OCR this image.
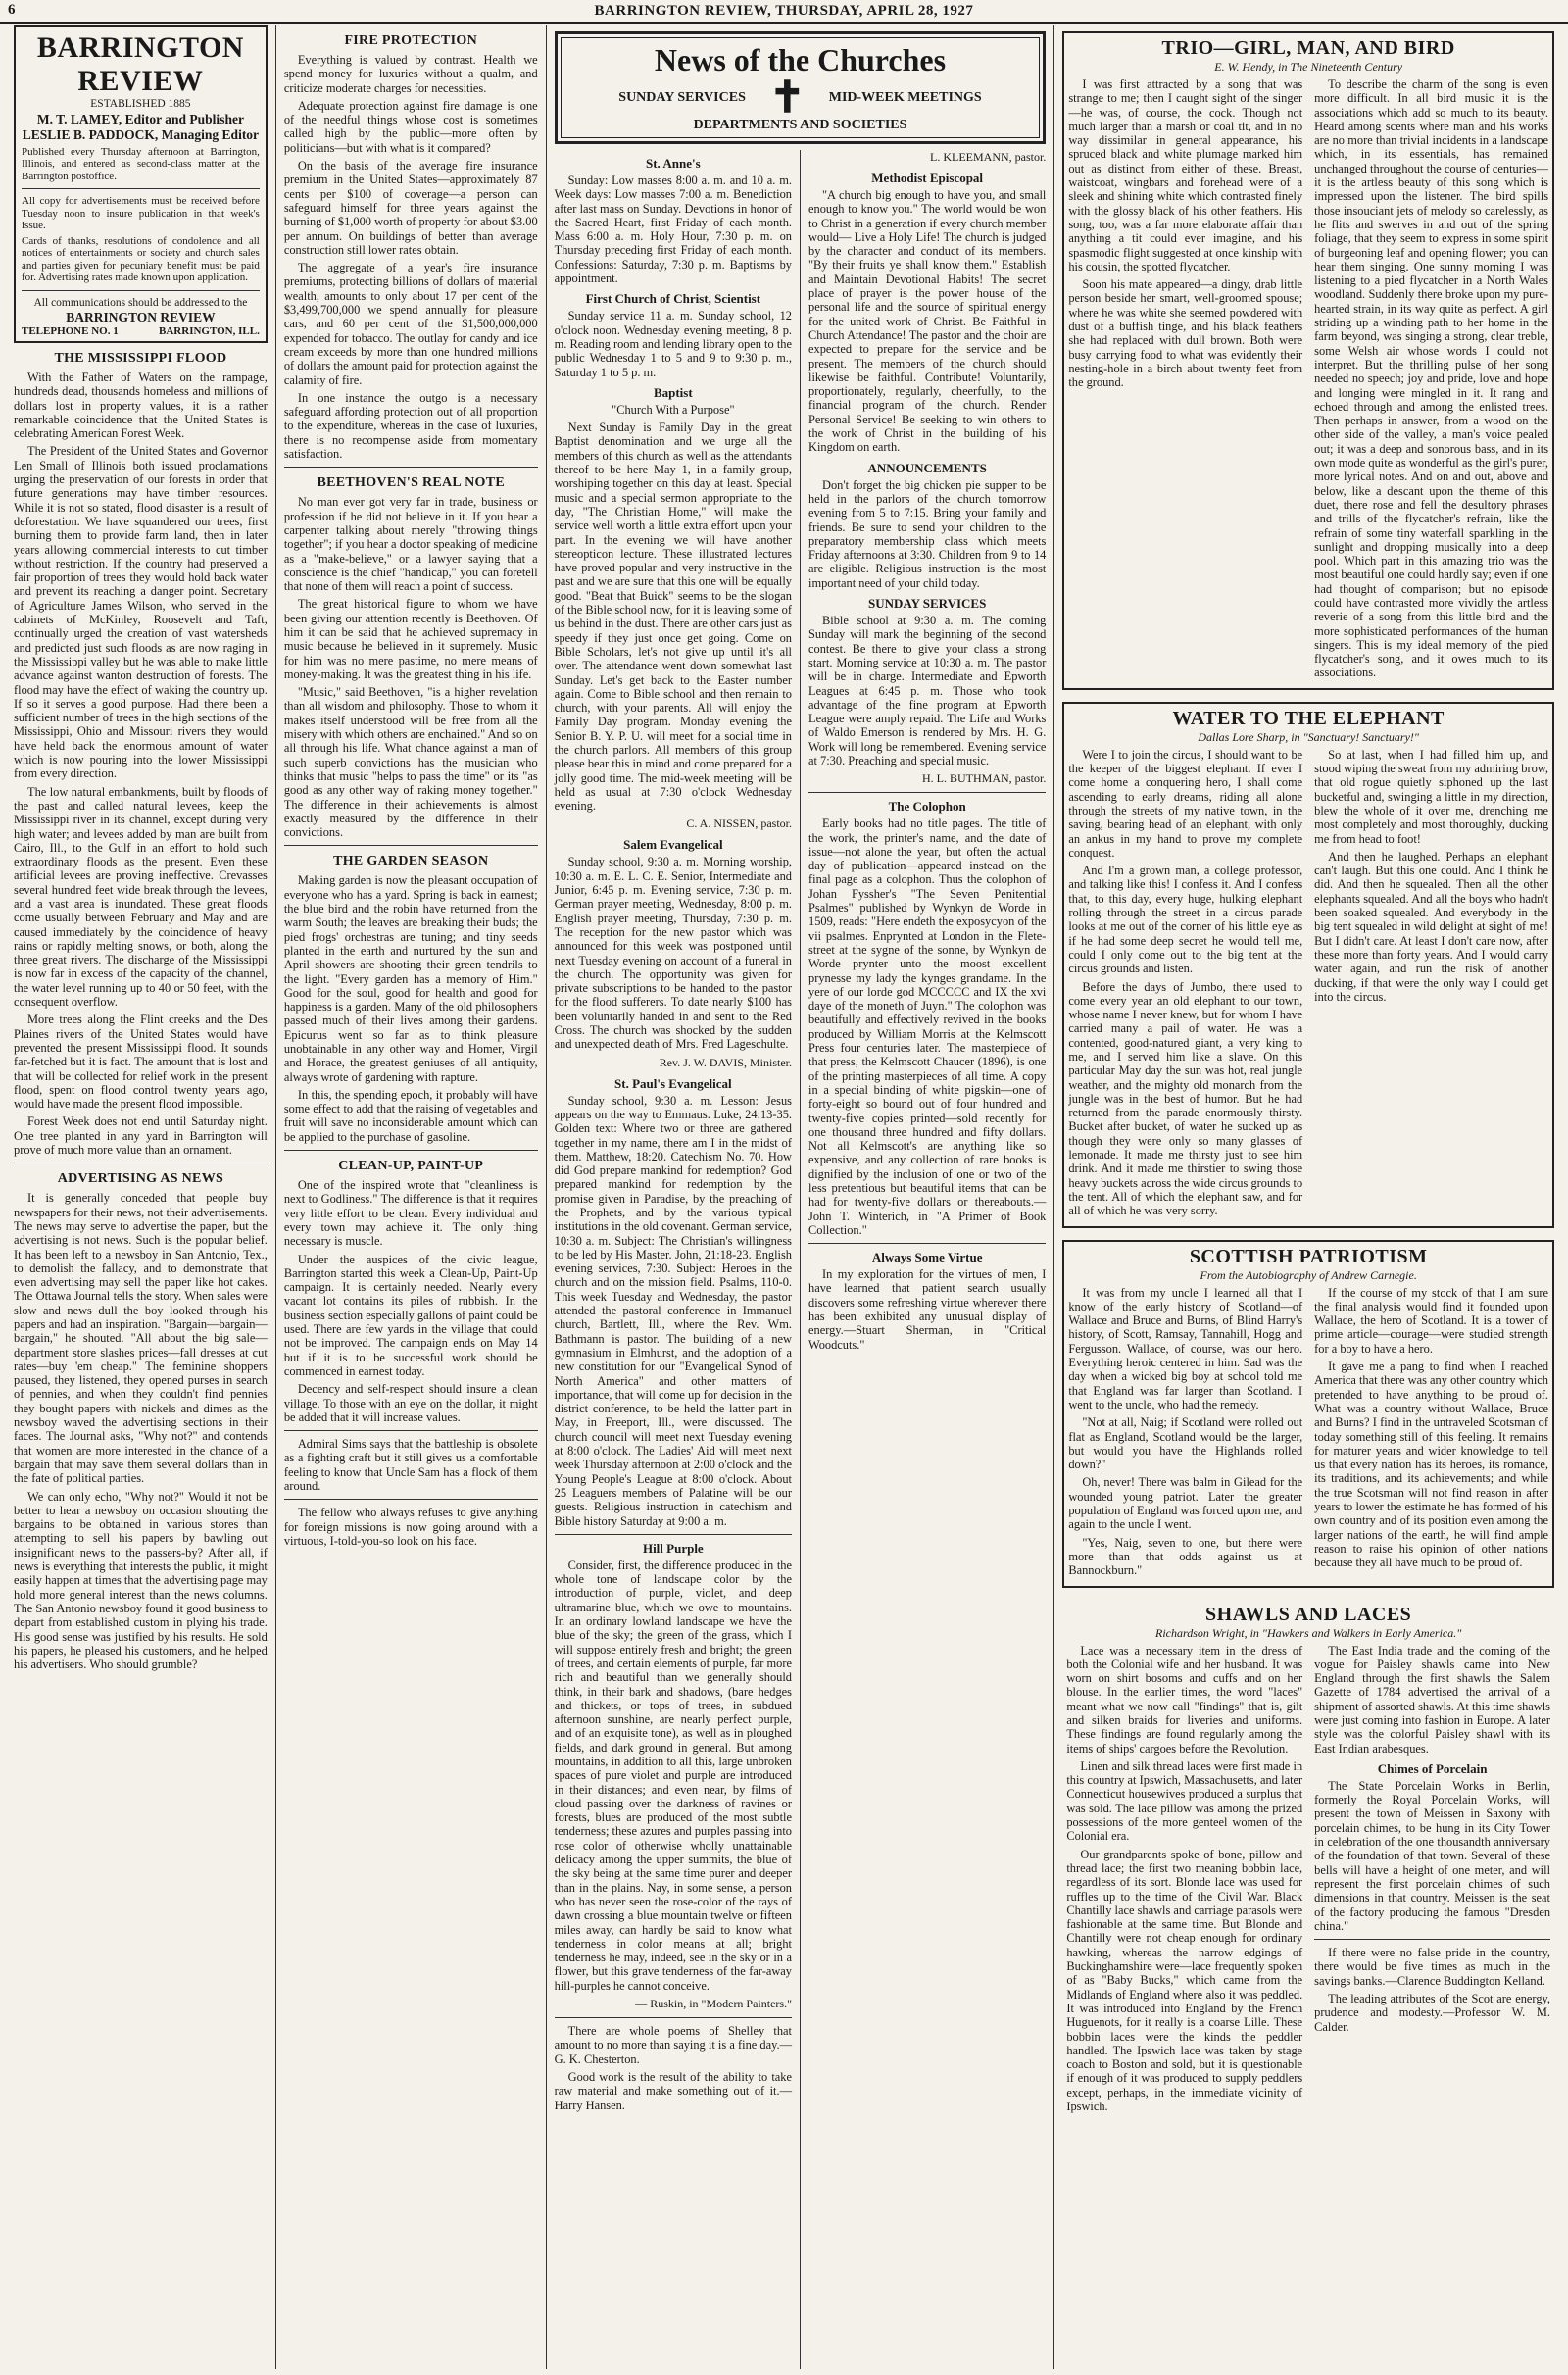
6	BARRINGTON REVIEW, THURSDAY, APRIL 28, 1927
BARRINGTON REVIEW
ESTABLISHED 1885
M. T. LAMEY, Editor and Publisher
LESLIE B. PADDOCK, Managing Editor
Published every Thursday afternoon at Barrington, Illinois, and entered as second-class matter at the Barrington postoffice.
All copy for advertisements must be received before Tuesday noon to insure publication in that week's issue.
Cards of thanks, resolutions of condolence and all notices of entertainments or society and church sales and parties given for pecuniary benefit must be paid for. Advertising rates made known upon application.
All communications should be addressed to the
BARRINGTON REVIEW
TELEPHONE NO. 1	BARRINGTON, ILL.
THE MISSISSIPPI FLOOD

With the Father of Waters on the rampage, hundreds dead, thousands homeless and millions of dollars lost in property values, it is a rather remarkable coincidence that the United States is celebrating American Forest Week.

The President of the United States and Governor Len Small of Illinois both issued proclamations urging the preservation of our forests in order that future generations may have timber resources. While it is not so stated, flood disaster is a result of deforestation. We have squandered our trees, first burning them to provide farm land, then in later years allowing commercial interests to cut timber without restriction. If the country had preserved a fair proportion of trees they would hold back water and prevent its reaching a danger point. Secretary of Agriculture James Wilson, who served in the cabinets of McKinley, Roosevelt and Taft, continually urged the creation of vast watersheds and predicted just such floods as are now raging in the Mississippi valley but he was able to make little advance against wanton destruction of forests. The flood may have the effect of waking the country up. If so it serves a good purpose. Had there been a sufficient number of trees in the high sections of the Mississippi, Ohio and Missouri rivers they would have held back the enormous amount of water which is now pouring into the lower Mississippi from every direction.

The low natural embankments, built by floods of the past and called natural levees, keep the Mississippi river in its channel, except during very high water; and levees added by man are built from Cairo, Ill., to the Gulf in an effort to hold such extraordinary floods as the present. Even these artificial levees are proving ineffective. Crevasses several hundred feet wide break through the levees, and a vast area is inundated. These great floods come usually between February and May and are caused immediately by the coincidence of heavy rains or rapidly melting snows, or both, along the three great rivers. The discharge of the Mississippi is now far in excess of the capacity of the channel, the water level running up to 40 or 50 feet, with the consequent overflow.

More trees along the Flint creeks and the Des Plaines rivers of the United States would have prevented the present Mississippi flood. It sounds far-fetched but it is fact. The amount that is lost and that will be collected for relief work in the present flood, spent on flood control twenty years ago, would have made the present flood impossible.

Forest Week does not end until Saturday night. One tree planted in any yard in Barrington will prove of much more value than an ornament.

ADVERTISING AS NEWS

It is generally conceded that people buy newspapers for their news, not their advertisements. The news may serve to advertise the paper, but the advertising is not news. Such is the popular belief. It has been left to a newsboy in San Antonio, Tex., to demolish the fallacy, and to demonstrate that even advertising may sell the paper like hot cakes. The Ottawa Journal tells the story. When sales were slow and news dull the boy looked through his papers and had an inspiration. "Bargain—bargain—bargain," he shouted. "All about the big sale—department store slashes prices—fall dresses at cut rates—buy 'em cheap." The feminine shoppers paused, they listened, they opened purses in search of pennies, and when they couldn't find pennies they bought papers with nickels and dimes as the newsboy waved the advertising sections in their faces. The Journal asks, "Why not?" and contends that women are more interested in the chance of a bargain that may save them several dollars than in the fate of political parties.

We can only echo, "Why not?" Would it not be better to hear a newsboy on occasion shouting the bargains to be obtained in various stores than attempting to sell his papers by bawling out insignificant news to the passers-by? After all, if news is everything that interests the public, it might easily happen at times that the advertising page may hold more general interest than the news columns. The San Antonio newsboy found it good business to depart from established custom in plying his trade. His good sense was justified by his results. He sold his papers, he pleased his customers, and he helped his advertisers. Who should grumble?

FIRE PROTECTION

Everything is valued by contrast. Health we spend money for luxuries without a qualm, and criticize moderate charges for necessities.

Adequate protection against fire damage is one of the needful things whose cost is sometimes called high by the public—more often by politicians—but with what is it compared?

On the basis of the average fire insurance premium in the United States—approximately 87 cents per $100 of coverage—a person can safeguard himself for three years against the burning of $1,000 worth of property for about $3.00 per annum. On buildings of better than average construction still lower rates obtain.

The aggregate of a year's fire insurance premiums, protecting billions of dollars of material wealth, amounts to only about 17 per cent of the $3,499,700,000 we spend annually for pleasure cars, and 60 per cent of the $1,500,000,000 expended for tobacco. The outlay for candy and ice cream exceeds by more than one hundred millions of dollars the amount paid for protection against the calamity of fire.

In one instance the outgo is a necessary safeguard affording protection out of all proportion to the expenditure, whereas in the case of luxuries, there is no recompense aside from momentary satisfaction.

BEETHOVEN'S REAL NOTE

No man ever got very far in trade, business or profession if he did not believe in it. If you hear a carpenter talking about merely "throwing things together"; if you hear a doctor speaking of medicine as a "make-believe," or a lawyer saying that a conscience is the chief "handicap," you can foretell that none of them will reach a point of success.

The great historical figure to whom we have been giving our attention recently is Beethoven. Of him it can be said that he achieved supremacy in music because he believed in it supremely. Music for him was no mere pastime, no mere means of money-making. It was the greatest thing in his life.

"Music," said Beethoven, "is a higher revelation than all wisdom and philosophy. Those to whom it makes itself understood will be free from all the misery with which others are enchained." And so on all through his life. What chance against a man of such superb convictions has the musician who thinks that music "helps to pass the time" or its "as good as any other way of raking money together." The difference in their achievements is almost exactly measured by the difference in their convictions.

THE GARDEN SEASON

Making garden is now the pleasant occupation of everyone who has a yard. Spring is back in earnest; the blue bird and the robin have returned from the warm South; the leaves are breaking their buds; the pied frogs' orchestras are tuning; and tiny seeds planted in the earth and nurtured by the sun and April showers are shooting their green tendrils to the light. "Every garden has a memory of Him." Good for the soul, good for health and good for happiness is a garden. Many of the old philosophers passed much of their lives among their gardens. Epicurus went so far as to think pleasure unobtainable in any other way and Homer, Virgil and Horace, the greatest geniuses of all antiquity, always wrote of gardening with rapture.

In this, the spending epoch, it probably will have some effect to add that the raising of vegetables and fruit will save no inconsiderable amount which can be applied to the purchase of gasoline.

CLEAN-UP, PAINT-UP

One of the inspired wrote that "cleanliness is next to Godliness." The difference is that it requires very little effort to be clean. Every individual and every town may achieve it. The only thing necessary is muscle.

Under the auspices of the civic league, Barrington started this week a Clean-Up, Paint-Up campaign. It is certainly needed. Nearly every vacant lot contains its piles of rubbish. In the business section especially gallons of paint could be used. There are few yards in the village that could not be improved. The campaign ends on May 14 but if it is to be successful work should be commenced in earnest today.

Decency and self-respect should insure a clean village. To those with an eye on the dollar, it might be added that it will increase values.

Admiral Sims says that the battleship is obsolete as a fighting craft but it still gives us a comfortable feeling to know that Uncle Sam has a flock of them around.

The fellow who always refuses to give anything for foreign missions is now going around with a virtuous, I-told-you-so look on his face.

News of the Churches
SUNDAY SERVICES ✝ MID-WEEK MEETINGS
DEPARTMENTS AND SOCIETIES
St. Anne's

Sunday: Low masses 8:00 a. m. and 10 a. m. Week days: Low masses 7:00 a. m. Benediction after last mass on Sunday. Devotions in honor of the Sacred Heart, first Friday of each month. Mass 6:00 a. m. Holy Hour, 7:30 p. m. on Thursday preceding first Friday of each month. Confessions: Saturday, 7:30 p. m. Baptisms by appointment.

First Church of Christ, Scientist

Sunday service 11 a. m. Sunday school, 12 o'clock noon. Wednesday evening meeting, 8 p. m. Reading room and lending library open to the public Wednesday 1 to 5 and 9 to 9:30 p. m., Saturday 1 to 5 p. m.

Baptist

"Church With a Purpose"

Next Sunday is Family Day in the great Baptist denomination and we urge all the members of this church as well as the attendants thereof to be here May 1, in a family group, worshiping together on this day at least. Special music and a special sermon appropriate to the day, "The Christian Home," will make the service well worth a little extra effort upon your part. In the evening we will have another stereopticon lecture. These illustrated lectures have proved popular and very instructive in the past and we are sure that this one will be equally good. "Beat that Buick" seems to be the slogan of the Bible school now, for it is leaving some of us behind in the dust. There are other cars just as speedy if they just once get going. Come on Bible Scholars, let's not give up until it's all over. The attendance went down somewhat last Sunday. Let's get back to the Easter number again. Come to Bible school and then remain to church, with your parents. All will enjoy the Family Day program. Monday evening the Senior B. Y. P. U. will meet for a social time in the church parlors. All members of this group please bear this in mind and come prepared for a jolly good time. The mid-week meeting will be held as usual at 7:30 o'clock Wednesday evening.

C. A. NISSEN, pastor.
Salem Evangelical

Sunday school, 9:30 a. m. Morning worship, 10:30 a. m. E. L. C. E. Senior, Intermediate and Junior, 6:45 p. m. Evening service, 7:30 p. m. German prayer meeting, Wednesday, 8:00 p. m. English prayer meeting, Thursday, 7:30 p. m. The reception for the new pastor which was announced for this week was postponed until next Tuesday evening on account of a funeral in the church. The opportunity was given for private subscriptions to be handed to the pastor for the flood sufferers. To date nearly $100 has been voluntarily handed in and sent to the Red Cross. The church was shocked by the sudden and unexpected death of Mrs. Fred Lageschulte.

Rev. J. W. DAVIS, Minister.
St. Paul's Evangelical

Sunday school, 9:30 a. m. Lesson: Jesus appears on the way to Emmaus. Luke, 24:13-35. Golden text: Where two or three are gathered together in my name, there am I in the midst of them. Matthew, 18:20. Catechism No. 70. How did God prepare mankind for redemption? God prepared mankind for redemption by the promise given in Paradise, by the preaching of the Prophets, and by the various typical institutions in the old covenant. German service, 10:30 a. m. Subject: The Christian's willingness to be led by His Master. John, 21:18-23. English evening services, 7:30. Subject: Heroes in the church and on the mission field. Psalms, 110-0. This week Tuesday and Wednesday, the pastor attended the pastoral conference in Immanuel church, Bartlett, Ill., where the Rev. Wm. Bathmann is pastor. The building of a new gymnasium in Elmhurst, and the adoption of a new constitution for our "Evangelical Synod of North America" and other matters of importance, that will come up for decision in the district conference, to be held the latter part in May, in Freeport, Ill., were discussed. The church council will meet next Tuesday evening at 8:00 o'clock. The Ladies' Aid will meet next week Thursday afternoon at 2:00 o'clock and the Young People's League at 8:00 o'clock. About 25 Leaguers members of Palatine will be our guests. Religious instruction in catechism and Bible history Saturday at 9:00 a. m.

Hill Purple

Consider, first, the difference produced in the whole tone of landscape color by the introduction of purple, violet, and deep ultramarine blue, which we owe to mountains. In an ordinary lowland landscape we have the blue of the sky; the green of the grass, which I will suppose entirely fresh and bright; the green of trees, and certain elements of purple, far more rich and beautiful than we generally should think, in their bark and shadows, (bare hedges and thickets, or tops of trees, in subdued afternoon sunshine, are nearly perfect purple, and of an exquisite tone), as well as in ploughed fields, and dark ground in general. But among mountains, in addition to all this, large unbroken spaces of pure violet and purple are introduced in their distances; and even near, by films of cloud passing over the darkness of ravines or forests, blues are produced of the most subtle tenderness; these azures and purples passing into rose color of otherwise wholly unattainable delicacy among the upper summits, the blue of the sky being at the same time purer and deeper than in the plains. Nay, in some sense, a person who has never seen the rose-color of the rays of dawn crossing a blue mountain twelve or fifteen miles away, can hardly be said to know what tenderness in color means at all; bright tenderness he may, indeed, see in the sky or in a flower, but this grave tenderness of the far-away hill-purples he cannot conceive.

— Ruskin, in "Modern Painters."

There are whole poems of Shelley that amount to no more than saying it is a fine day.—G. K. Chesterton.

Good work is the result of the ability to take raw material and make something out of it.—Harry Hansen.

L. KLEEMANN, pastor.
Methodist Episcopal

"A church big enough to have you, and small enough to know you." The world would be won to Christ in a generation if every church member would— Live a Holy Life! The church is judged by the character and conduct of its members. "By their fruits ye shall know them." Establish and Maintain Devotional Habits! The secret place of prayer is the power house of the personal life and the source of spiritual energy for the united work of Christ. Be Faithful in Church Attendance! The pastor and the choir are expected to prepare for the service and be present. The members of the church should likewise be faithful. Contribute! Voluntarily, proportionately, regularly, cheerfully, to the financial program of the church. Render Personal Service! Be seeking to win others to the work of Christ in the building of his Kingdom on earth.

ANNOUNCEMENTS

Don't forget the big chicken pie supper to be held in the parlors of the church tomorrow evening from 5 to 7:15. Bring your family and friends. Be sure to send your children to the preparatory membership class which meets Friday afternoons at 3:30. Children from 9 to 14 are eligible. Religious instruction is the most important need of your child today.

SUNDAY SERVICES

Bible school at 9:30 a. m. The coming Sunday will mark the beginning of the second contest. Be there to give your class a strong start. Morning service at 10:30 a. m. The pastor will be in charge. Intermediate and Epworth Leagues at 6:45 p. m. Those who took advantage of the fine program at Epworth League were amply repaid. The Life and Works of Waldo Emerson is rendered by Mrs. H. G. Work will long be remembered. Evening service at 7:30. Preaching and special music.

H. L. BUTHMAN, pastor.
The Colophon

Early books had no title pages. The title of the work, the printer's name, and the date of issue—not alone the year, but often the actual day of publication—appeared instead on the final page as a colophon. Thus the colophon of Johan Fyssher's "The Seven Penitential Psalmes" published by Wynkyn de Worde in 1509, reads: "Here endeth the exposycyon of the vii psalmes. Enprynted at London in the Flete-street at the sygne of the sonne, by Wynkyn de Worde prynter unto the moost excellent prynesse my lady the kynges grandame. In the yere of our lorde god MCCCCC and IX the xvi daye of the moneth of Juyn." The colophon was beautifully and effectively revived in the books produced by William Morris at the Kelmscott Press four centuries later. The masterpiece of that press, the Kelmscott Chaucer (1896), is one of the printing masterpieces of all time. A copy in a special binding of white pigskin—one of forty-eight so bound out of four hundred and twenty-five copies printed—sold recently for one thousand three hundred and fifty dollars. Not all Kelmscott's are anything like so expensive, and any collection of rare books is dignified by the inclusion of one or two of the less pretentious but beautiful items that can be had for twenty-five dollars or thereabouts.—John T. Winterich, in "A Primer of Book Collection."

Always Some Virtue

In my exploration for the virtues of men, I have learned that patient search usually discovers some refreshing virtue wherever there has been exhibited any unusual display of energy.—Stuart Sherman, in "Critical Woodcuts."

TRIO—GIRL, MAN, AND BIRD
E. W. Hendy, in The Nineteenth Century

I was first attracted by a song that was strange to me; then I caught sight of the singer—he was, of course, the cock. Though not much larger than a marsh or coal tit, and in no way dissimilar in general appearance, his spruced black and white plumage marked him out as distinct from either of these. Breast, waistcoat, wingbars and forehead were of a sleek and shining white which contrasted finely with the glossy black of his other feathers. His song, too, was a far more elaborate affair than anything a tit could ever imagine, and his spasmodic flight suggested at once kinship with his cousin, the spotted flycatcher.

Soon his mate appeared—a dingy, drab little person beside her smart, well-groomed spouse; where he was white she seemed powdered with dust of a buffish tinge, and his black feathers she had replaced with dull brown. Both were busy carrying food to what was evidently their nesting-hole in a birch about twenty feet from the ground.

To describe the charm of the song is even more difficult. In all bird music it is the associations which add so much to its beauty. Heard among scents where man and his works are no more than trivial incidents in a landscape which, in its essentials, has remained unchanged throughout the course of centuries—it is the artless beauty of this song which is impressed upon the listener. The bird spills those insouciant jets of melody so carelessly, as he flits and swerves in and out of the spring foliage, that they seem to express in some spirit of burgeoning leaf and opening flower; you can hear them singing. One sunny morning I was listening to a pied flycatcher in a North Wales woodland. Suddenly there broke upon my pure-hearted strain, in its way quite as perfect. A girl striding up a winding path to her home in the farm beyond, was singing a strong, clear treble, some Welsh air whose words I could not interpret. But the thrilling pulse of her song needed no speech; joy and pride, love and hope and longing were mingled in it. It rang and echoed through and among the enlisted trees. Then perhaps in answer, from a wood on the other side of the valley, a man's voice pealed out; it was a deep and sonorous bass, and in its own mode quite as wonderful as the girl's purer, more lyrical notes. And on and out, above and below, like a descant upon the theme of this duet, there rose and fell the desultory phrases and trills of the flycatcher's refrain, like the refrain of some tiny waterfall sparkling in the sunlight and dropping musically into a deep pool. Which part in this amazing trio was the most beautiful one could hardly say; even if one had thought of comparison; but no episode could have contrasted more vividly the artless reverie of a song from this little bird and the more sophisticated performances of the human singers. This is my ideal memory of the pied flycatcher's song, and it owes much to its associations.

WATER TO THE ELEPHANT
Dallas Lore Sharp, in "Sanctuary! Sanctuary!"

Were I to join the circus, I should want to be the keeper of the biggest elephant. If ever I come home a conquering hero, I shall come ascending to early dreams, riding all alone through the streets of my native town, in the saving, bearing head of an elephant, with only an ankus in my hand to prove my complete conquest.

And I'm a grown man, a college professor, and talking like this! I confess it. And I confess that, to this day, every huge, hulking elephant rolling through the street in a circus parade looks at me out of the corner of his little eye as if he had some deep secret he would tell me, could I only come out to the big tent at the circus grounds and listen.

Before the days of Jumbo, there used to come every year an old elephant to our town, whose name I never knew, but for whom I have carried many a pail of water. He was a contented, good-natured giant, a very king to me, and I served him like a slave. On this particular May day the sun was hot, real jungle weather, and the mighty old monarch from the jungle was in the best of humor. But he had returned from the parade enormously thirsty. Bucket after bucket, of water he sucked up as though they were only so many glasses of lemonade. It made me thirsty just to see him drink. And it made me thirstier to swing those heavy buckets across the wide circus grounds to the tent. All of which the elephant saw, and for all of which he was very sorry.

So at last, when I had filled him up, and stood wiping the sweat from my admiring brow, that old rogue quietly siphoned up the last bucketful and, swinging a little in my direction, blew the whole of it over me, drenching me most completely and most thoroughly, ducking me from head to foot!

And then he laughed. Perhaps an elephant can't laugh. But this one could. And I think he did. And then he squealed. Then all the other elephants squealed. And all the boys who hadn't been soaked squealed. And everybody in the big tent squealed in wild delight at sight of me! But I didn't care. At least I don't care now, after these more than forty years. And I would carry water again, and run the risk of another ducking, if that were the only way I could get into the circus.

SCOTTISH PATRIOTISM
From the Autobiography of Andrew Carnegie.

It was from my uncle I learned all that I know of the early history of Scotland—of Wallace and Bruce and Burns, of Blind Harry's history, of Scott, Ramsay, Tannahill, Hogg and Fergusson. Wallace, of course, was our hero. Everything heroic centered in him. Sad was the day when a wicked big boy at school told me that England was far larger than Scotland. I went to the uncle, who had the remedy.

"Not at all, Naig; if Scotland were rolled out flat as England, Scotland would be the larger, but would you have the Highlands rolled down?"

Oh, never! There was balm in Gilead for the wounded young patriot. Later the greater population of England was forced upon me, and again to the uncle I went.

"Yes, Naig, seven to one, but there were more than that odds against us at Bannockburn."

If the course of my stock of that I am sure the final analysis would find it founded upon Wallace, the hero of Scotland. It is a tower of prime article—courage—were studied strength for a boy to have a hero.

It gave me a pang to find when I reached America that there was any other country which pretended to have anything to be proud of. What was a country without Wallace, Bruce and Burns? I find in the untraveled Scotsman of today something still of this feeling. It remains for maturer years and wider knowledge to tell us that every nation has its heroes, its romance, its traditions, and its achievements; and while the true Scotsman will not find reason in after years to lower the estimate he has formed of his own country and of its position even among the larger nations of the earth, he will find ample reason to raise his opinion of other nations because they all have much to be proud of.

SHAWLS AND LACES
Richardson Wright, in "Hawkers and Walkers in Early America."

Lace was a necessary item in the dress of both the Colonial wife and her husband. It was worn on shirt bosoms and cuffs and on her blouse. In the earlier times, the word "laces" meant what we now call "findings" that is, gilt and silken braids for liveries and uniforms. These findings are found regularly among the items of ships' cargoes before the Revolution.

Linen and silk thread laces were first made in this country at Ipswich, Massachusetts, and later Connecticut housewives produced a surplus that was sold. The lace pillow was among the prized possessions of the more genteel women of the Colonial era.

Our grandparents spoke of bone, pillow and thread lace; the first two meaning bobbin lace, regardless of its sort. Blonde lace was used for ruffles up to the time of the Civil War. Black Chantilly lace shawls and carriage parasols were fashionable at the same time. But Blonde and Chantilly were not cheap enough for ordinary hawking, whereas the narrow edgings of Buckinghamshire were—lace frequently spoken of as "Baby Bucks," which came from the Midlands of England where also it was peddled. It was introduced into England by the French Huguenots, for it really is a coarse Lille. These bobbin laces were the kinds the peddler handled. The Ipswich lace was taken by stage coach to Boston and sold, but it is questionable if enough of it was produced to supply peddlers except, perhaps, in the immediate vicinity of Ipswich.

The East India trade and the coming of the vogue for Paisley shawls came into New England through the first shawls the Salem Gazette of 1784 advertised the arrival of a shipment of assorted shawls. At this time shawls were just coming into fashion in Europe. A later style was the colorful Paisley shawl with its East Indian arabesques.

Chimes of Porcelain

The State Porcelain Works in Berlin, formerly the Royal Porcelain Works, will present the town of Meissen in Saxony with porcelain chimes, to be hung in its City Tower in celebration of the one thousandth anniversary of the foundation of that town. Several of these bells will have a height of one meter, and will represent the first porcelain chimes of such dimensions in that country. Meissen is the seat of the factory producing the famous "Dresden china."

If there were no false pride in the country, there would be five times as much in the savings banks.—Clarence Buddington Kelland.

The leading attributes of the Scot are energy, prudence and modesty.—Professor W. M. Calder.
